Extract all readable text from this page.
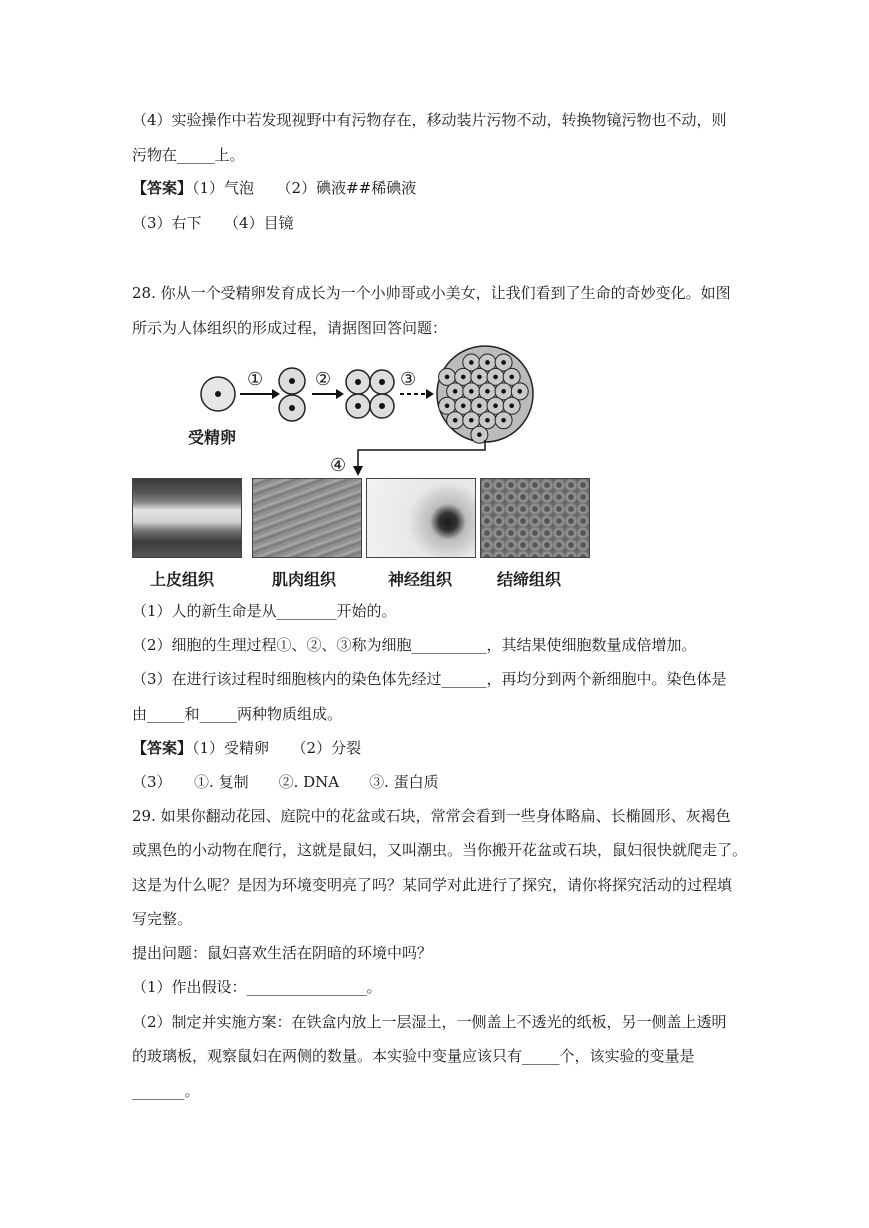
（4）实验操作中若发现视野中有污物存在，移动装片污物不动，转换物镜污物也不动，则
污物在_____上。
【答案】（1）气泡　　（2）碘液##稀碘液
（3）右下　　（4）目镜
28. 你从一个受精卵发育成长为一个小帅哥或小美女，让我们看到了生命的奇妙变化。如图
所示为人体组织的形成过程，请据图回答问题：
①	②	③
④
受精卵
上皮组织	肌肉组织	神经组织	结缔组织
（1）人的新生命是从________开始的。
（2）细胞的生理过程①、②、③称为细胞__________，其结果使细胞数量成倍增加。
（3）在进行该过程时细胞核内的染色体先经过______，再均分到两个新细胞中。染色体是
由_____和_____两种物质组成。
【答案】（1）受精卵　　（2）分裂
（3）　　①. 复制　　②. DNA　　③. 蛋白质
29. 如果你翻动花园、庭院中的花盆或石块，常常会看到一些身体略扁、长椭圆形、灰褐色
或黑色的小动物在爬行，这就是鼠妇，又叫潮虫。当你搬开花盆或石块，鼠妇很快就爬走了。
这是为什么呢？是因为环境变明亮了吗？某同学对此进行了探究，请你将探究活动的过程填
写完整。
提出问题：鼠妇喜欢生活在阴暗的环境中吗？
（1）作出假设：________________。
（2）制定并实施方案：在铁盒内放上一层湿土，一侧盖上不透光的纸板，另一侧盖上透明
的玻璃板，观察鼠妇在两侧的数量。本实验中变量应该只有_____个，该实验的变量是
_______。
